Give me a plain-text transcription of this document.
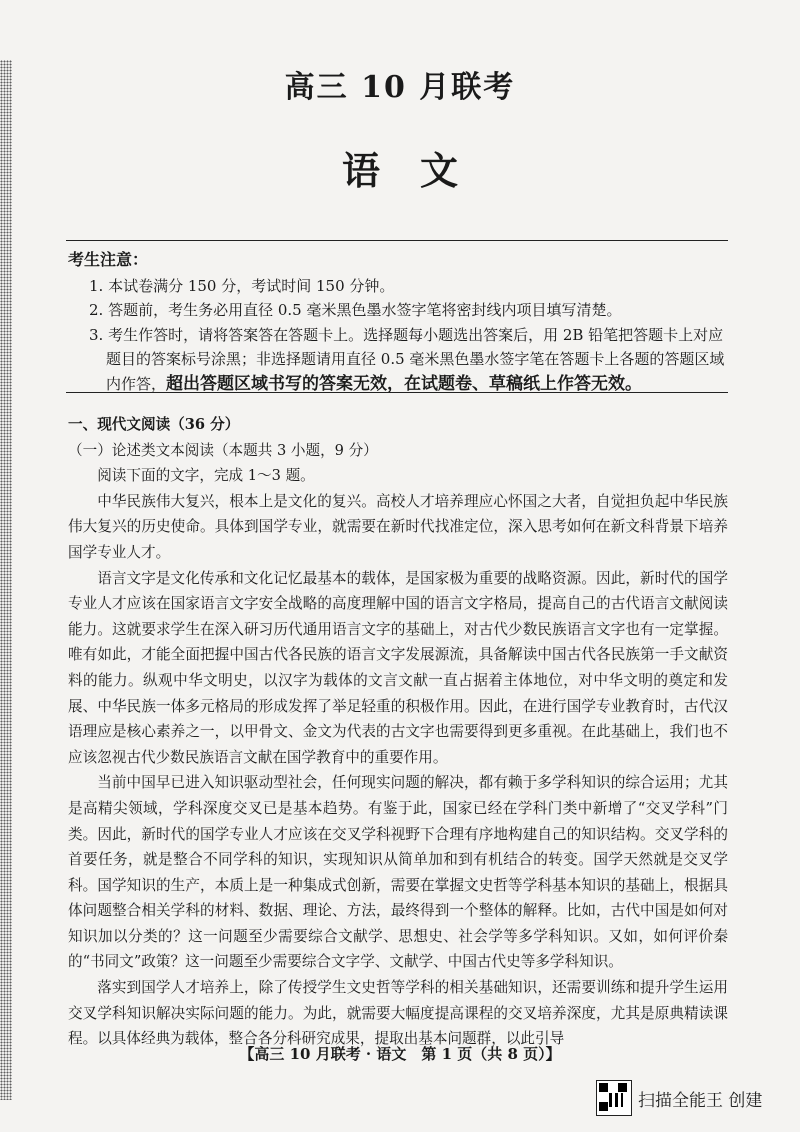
高三 10 月联考
语文
考生注意：
1. 本试卷满分 150 分，考试时间 150 分钟。
2. 答题前，考生务必用直径 0.5 毫米黑色墨水签字笔将密封线内项目填写清楚。
3. 考生作答时，请将答案答在答题卡上。选择题每小题选出答案后，用 2B 铅笔把答题卡上对应题目的答案标号涂黑；非选择题请用直径 0.5 毫米黑色墨水签字笔在答题卡上各题的答题区域内作答，超出答题区域书写的答案无效，在试题卷、草稿纸上作答无效。
一、现代文阅读（36 分）
（一）论述类文本阅读（本题共 3 小题，9 分）
阅读下面的文字，完成 1～3 题。
中华民族伟大复兴，根本上是文化的复兴。高校人才培养理应心怀国之大者，自觉担负起中华民族伟大复兴的历史使命。具体到国学专业，就需要在新时代找准定位，深入思考如何在新文科背景下培养国学专业人才。
语言文字是文化传承和文化记忆最基本的载体，是国家极为重要的战略资源。因此，新时代的国学专业人才应该在国家语言文字安全战略的高度理解中国的语言文字格局，提高自己的古代语言文献阅读能力。这就要求学生在深入研习历代通用语言文字的基础上，对古代少数民族语言文字也有一定掌握。唯有如此，才能全面把握中国古代各民族的语言文字发展源流，具备解读中国古代各民族第一手文献资料的能力。纵观中华文明史，以汉字为载体的文言文献一直占据着主体地位，对中华文明的奠定和发展、中华民族一体多元格局的形成发挥了举足轻重的积极作用。因此，在进行国学专业教育时，古代汉语理应是核心素养之一，以甲骨文、金文为代表的古文字也需要得到更多重视。在此基础上，我们也不应该忽视古代少数民族语言文献在国学教育中的重要作用。
当前中国早已进入知识驱动型社会，任何现实问题的解决，都有赖于多学科知识的综合运用；尤其是高精尖领域，学科深度交叉已是基本趋势。有鉴于此，国家已经在学科门类中新增了“交叉学科”门类。因此，新时代的国学专业人才应该在交叉学科视野下合理有序地构建自己的知识结构。交叉学科的首要任务，就是整合不同学科的知识，实现知识从简单加和到有机结合的转变。国学天然就是交叉学科。国学知识的生产，本质上是一种集成式创新，需要在掌握文史哲等学科基本知识的基础上，根据具体问题整合相关学科的材料、数据、理论、方法，最终得到一个整体的解释。比如，古代中国是如何对知识加以分类的？这一问题至少需要综合文献学、思想史、社会学等多学科知识。又如，如何评价秦的“书同文”政策？这一问题至少需要综合文字学、文献学、中国古代史等多学科知识。
落实到国学人才培养上，除了传授学生文史哲等学科的相关基础知识，还需要训练和提升学生运用交叉学科知识解决实际问题的能力。为此，就需要大幅度提高课程的交叉培养深度，尤其是原典精读课程。以具体经典为载体，整合各分科研究成果，提取出基本问题群，以此引导
【高三 10 月联考 · 语文　第 1 页（共 8 页）】
扫描全能王 创建
